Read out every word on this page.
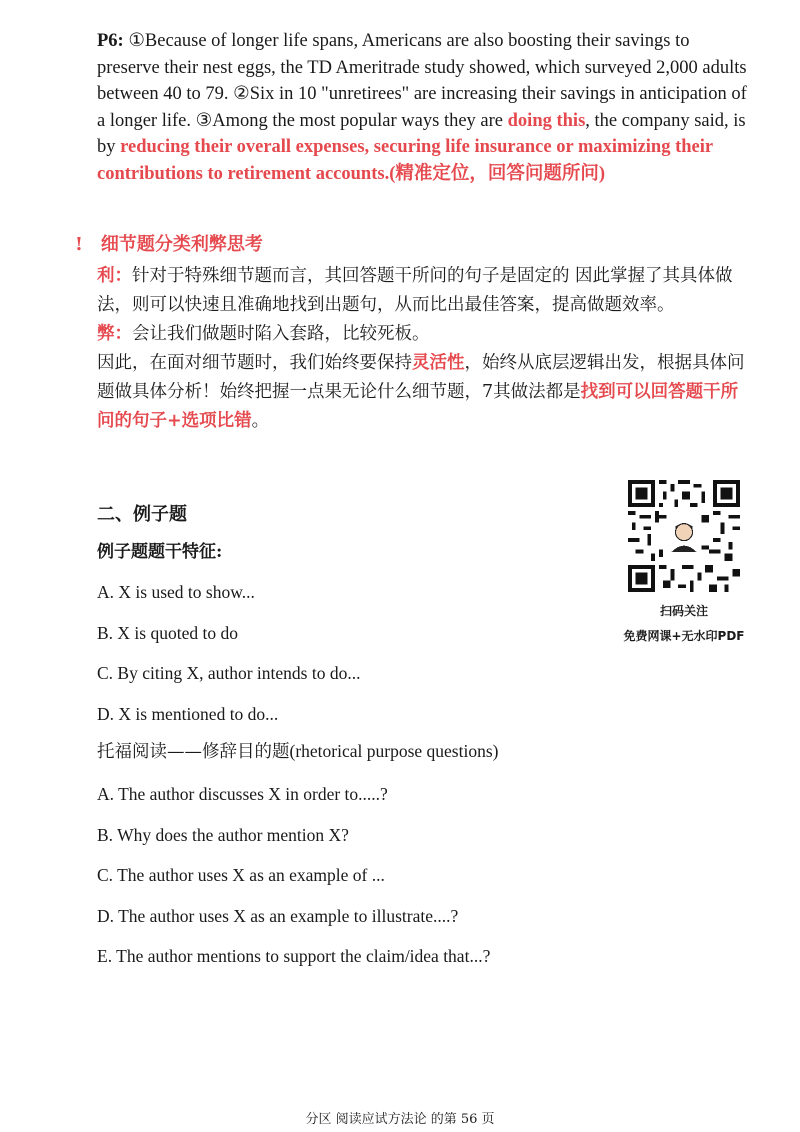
P6: ①Because of longer life spans, Americans are also boosting their savings to preserve their nest eggs, the TD Ameritrade study showed, which surveyed 2,000 adults between 40 to 79. ②Six in 10 "unretirees" are increasing their savings in anticipation of a longer life. ③Among the most popular ways they are doing this, the company said, is by reducing their overall expenses, securing life insurance or maximizing their contributions to retirement accounts.(精准定位，回答问题所问)
! 细节题分类利弊思考

利：针对于特殊细节题而言，其回答题干所问的句子是固定的 因此掌握了其具体做法，则可以快速且准确地找到出题句，从而比出最佳答案，提高做题效率。

弊：会让我们做题时陷入套路，比较死板。

因此，在面对细节题时，我们始终要保持灵活性，始终从底层逻辑出发，根据具体问题做具体分析！始终把握一点果无论什么细节题，7其做法都是找到可以回答题干所问的句子+选项比错。

二、例子题
例子题题干特征:
A. X is used to show...
B. X is quoted to do
C. By citing X, author intends to do...
D. X is mentioned to do...
托福阅读——修辞目的题(rhetorical purpose questions)
A. The author discusses X in order to.....?
B. Why does the author mention X?
C. The author uses X as an example of ...
D. The author uses X as an example to illustrate....?
E. The author mentions to support the claim/idea that...?
扫码关注
免费网课+无水印PDF
分区 阅读应试方法论 的第 56 页
